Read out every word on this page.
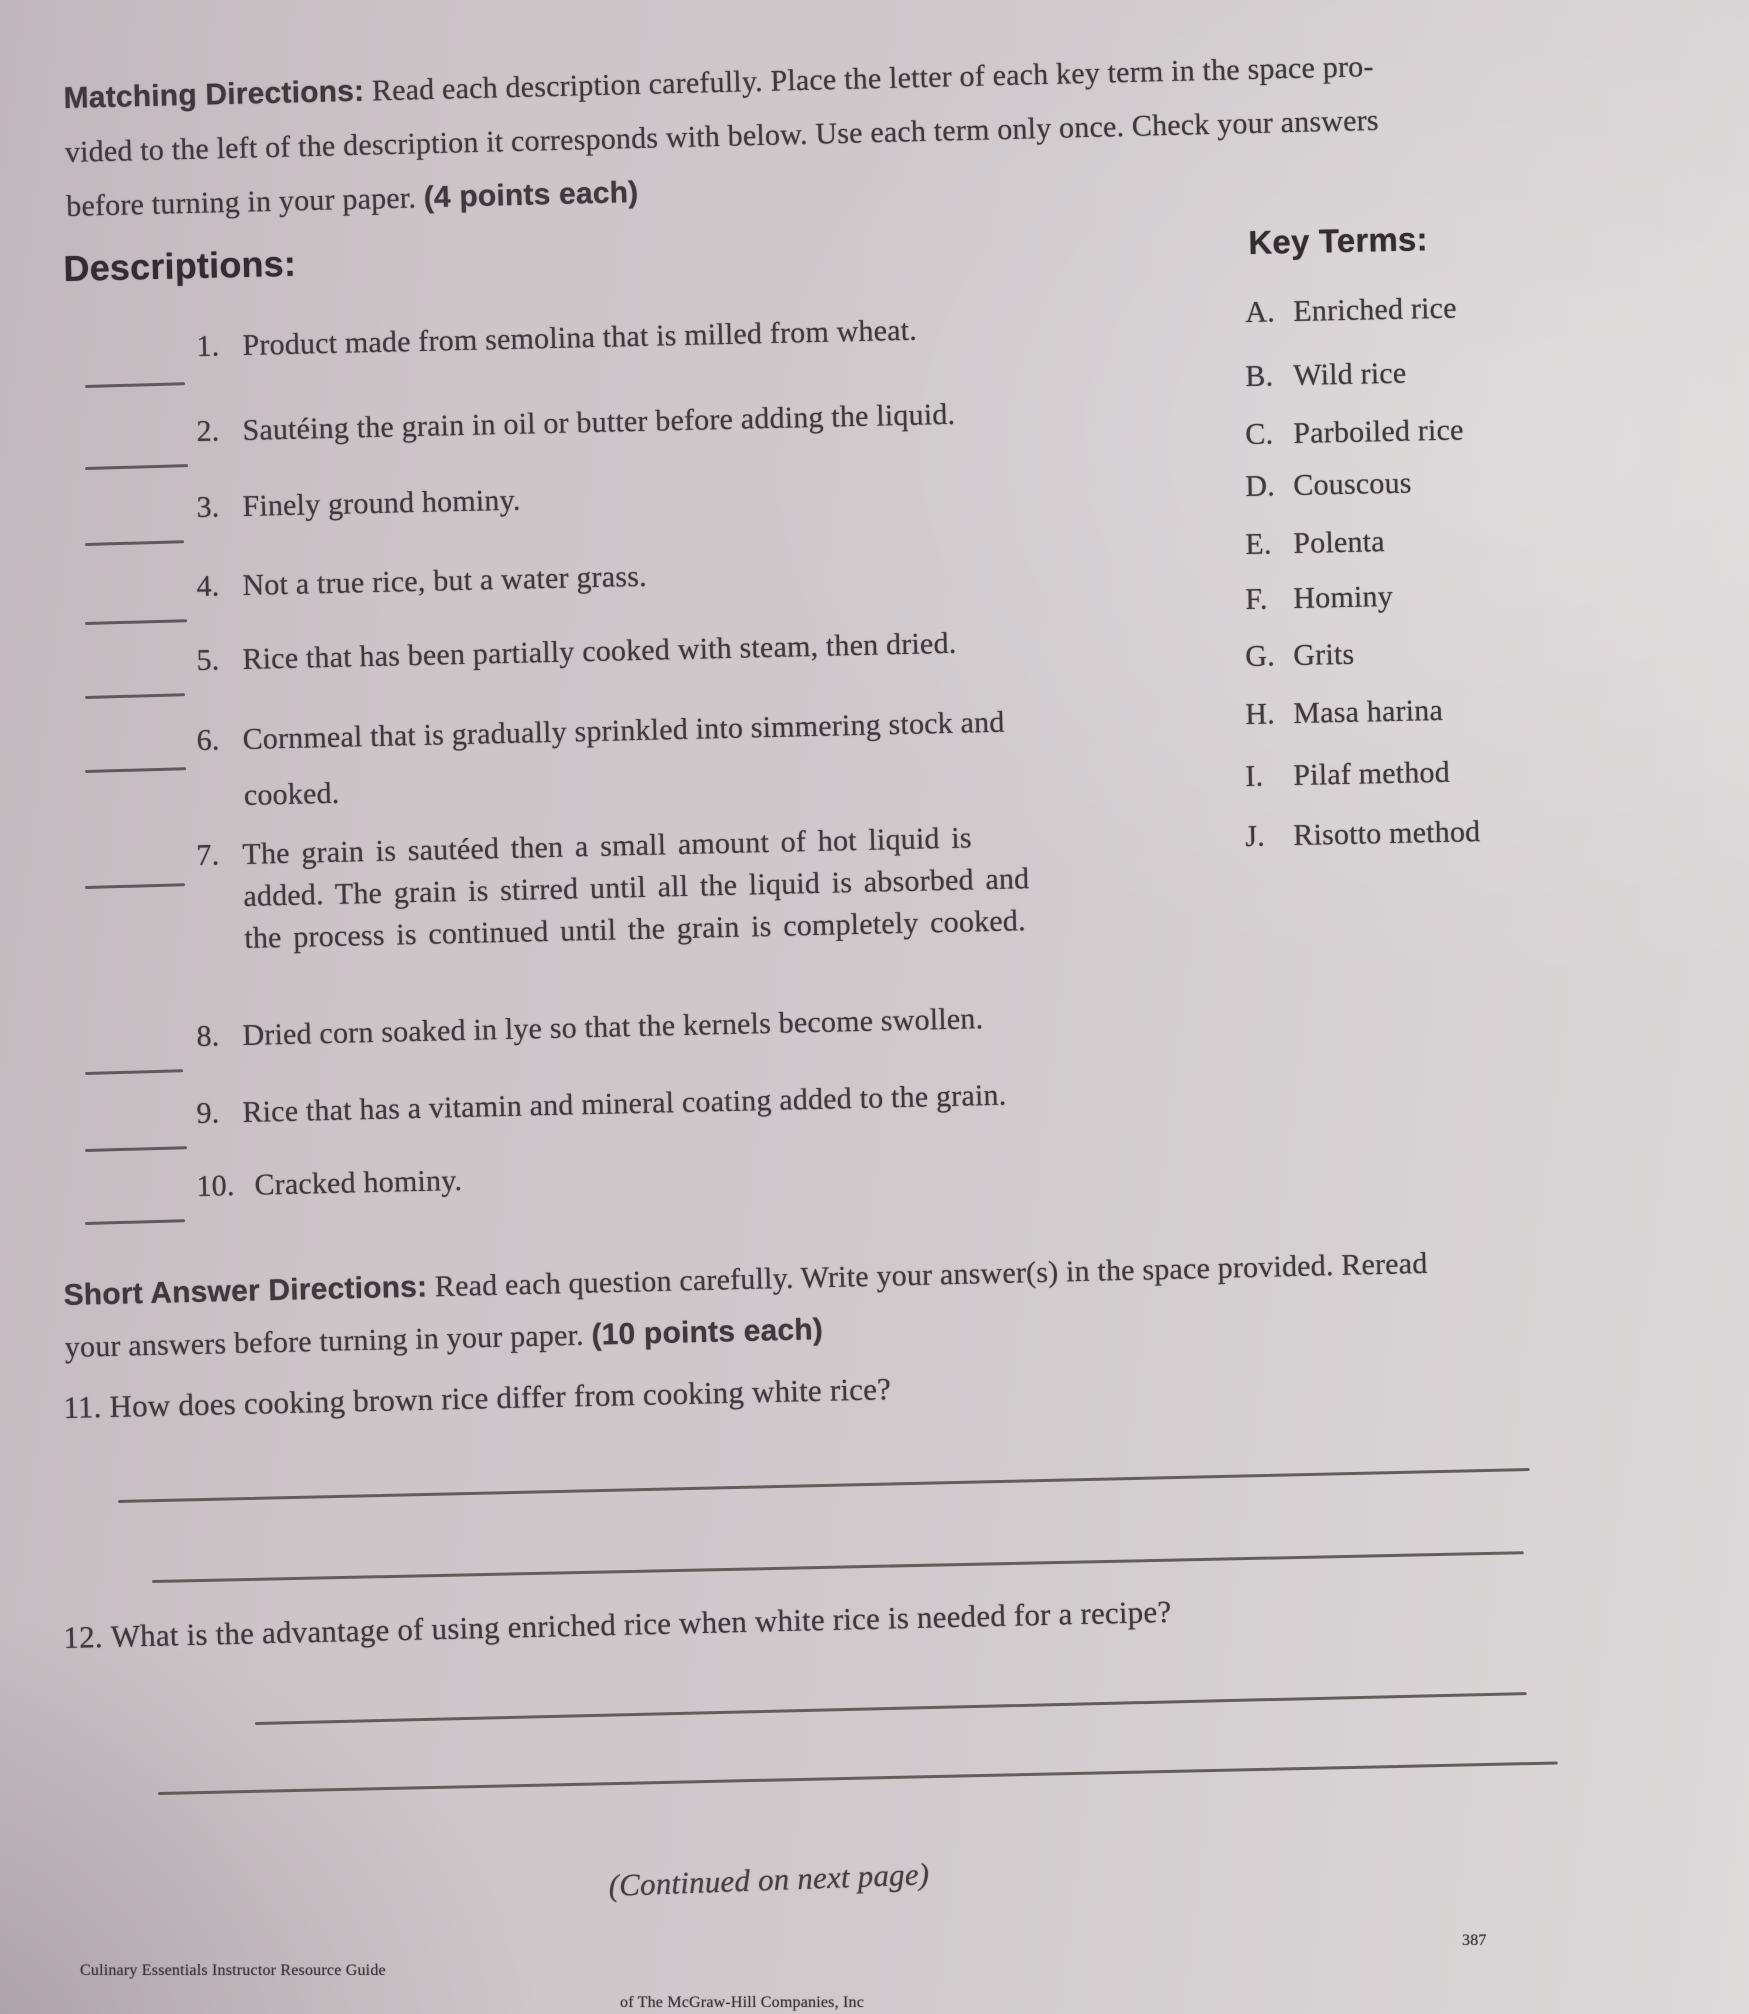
Matching Directions: Read each description carefully. Place the letter of each key term in the space pro-
vided to the left of the description it corresponds with below. Use each term only once. Check your answers
before turning in your paper. (4 points each)
Descriptions:
Key Terms:
A. Enriched rice
B. Wild rice
C. Parboiled rice
D. Couscous
E. Polenta
F. Hominy
G. Grits
H. Masa harina
I. Pilaf method
J. Risotto method
1. Product made from semolina that is milled from wheat.
2. Sautéing the grain in oil or butter before adding the liquid.
3. Finely ground hominy.
4. Not a true rice, but a water grass.
5. Rice that has been partially cooked with steam, then dried.
6. Cornmeal that is gradually sprinkled into simmering stock and
cooked.
7. The grain is sautéed then a small amount of hot liquid is
added. The grain is stirred until all the liquid is absorbed and
the process is continued until the grain is completely cooked.
8. Dried corn soaked in lye so that the kernels become swollen.
9. Rice that has a vitamin and mineral coating added to the grain.
10. Cracked hominy.
Short Answer Directions: Read each question carefully. Write your answer(s) in the space provided. Reread
your answers before turning in your paper. (10 points each)
11. How does cooking brown rice differ from cooking white rice?
12. What is the advantage of using enriched rice when white rice is needed for a recipe?
(Continued on next page)
387
Culinary Essentials Instructor Resource Guide
of The McGraw-Hill Companies, Inc
